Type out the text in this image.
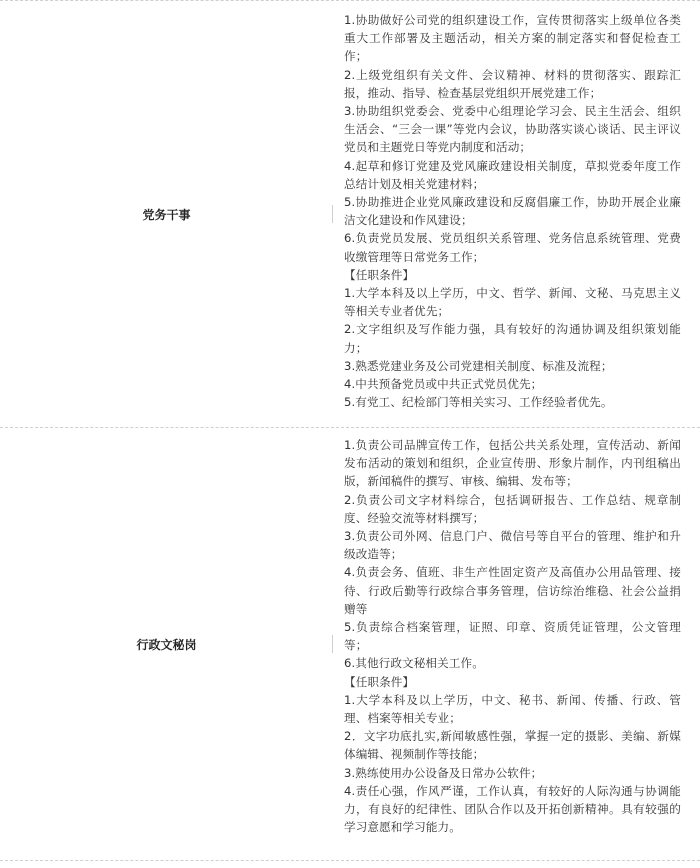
党务干事
1.协助做好公司党的组织建设工作，宣传贯彻落实上级单位各类重大工作部署及主题活动，相关方案的制定落实和督促检查工作；
2.上级党组织有关文件、会议精神、材料的贯彻落实、跟踪汇报，推动、指导、检查基层党组织开展党建工作；
3.协助组织党委会、党委中心组理论学习会、民主生活会、组织生活会、“三会一课”等党内会议，协助落实谈心谈话、民主评议党员和主题党日等党内制度和活动；
4.起草和修订党建及党风廉政建设相关制度，草拟党委年度工作总结计划及相关党建材料；
5.协助推进企业党风廉政建设和反腐倡廉工作，协助开展企业廉洁文化建设和作风建设；
6.负责党员发展、党员组织关系管理、党务信息系统管理、党费收缴管理等日常党务工作；
【任职条件】
1.大学本科及以上学历，中文、哲学、新闻、文秘、马克思主义等相关专业者优先；
2.文字组织及写作能力强，具有较好的沟通协调及组织策划能力；
3.熟悉党建业务及公司党建相关制度、标准及流程；
4.中共预备党员或中共正式党员优先；
5.有党工、纪检部门等相关实习、工作经验者优先。
行政文秘岗
1.负责公司品牌宣传工作，包括公共关系处理，宣传活动、新闻发布活动的策划和组织，企业宣传册、形象片制作，内刊组稿出版，新闻稿件的撰写、审核、编辑、发布等；
2.负责公司文字材料综合，包括调研报告、工作总结、规章制度、经验交流等材料撰写；
3.负责公司外网、信息门户、微信号等自平台的管理、维护和升级改造等；
4.负责会务、值班、非生产性固定资产及高值办公用品管理、接待、行政后勤等行政综合事务管理，信访综治维稳、社会公益捐赠等
5.负责综合档案管理，证照、印章、资质凭证管理，公文管理等；
6.其他行政文秘相关工作。
【任职条件】
1.大学本科及以上学历，中文、秘书、新闻、传播、行政、管理、档案等相关专业；
2．文字功底扎实,新闻敏感性强，掌握一定的摄影、美编、新媒体编辑、视频制作等技能；
3.熟练使用办公设备及日常办公软件；
4.责任心强，作风严谨，工作认真，有较好的人际沟通与协调能力，有良好的纪律性、团队合作以及开拓创新精神。具有较强的学习意愿和学习能力。
